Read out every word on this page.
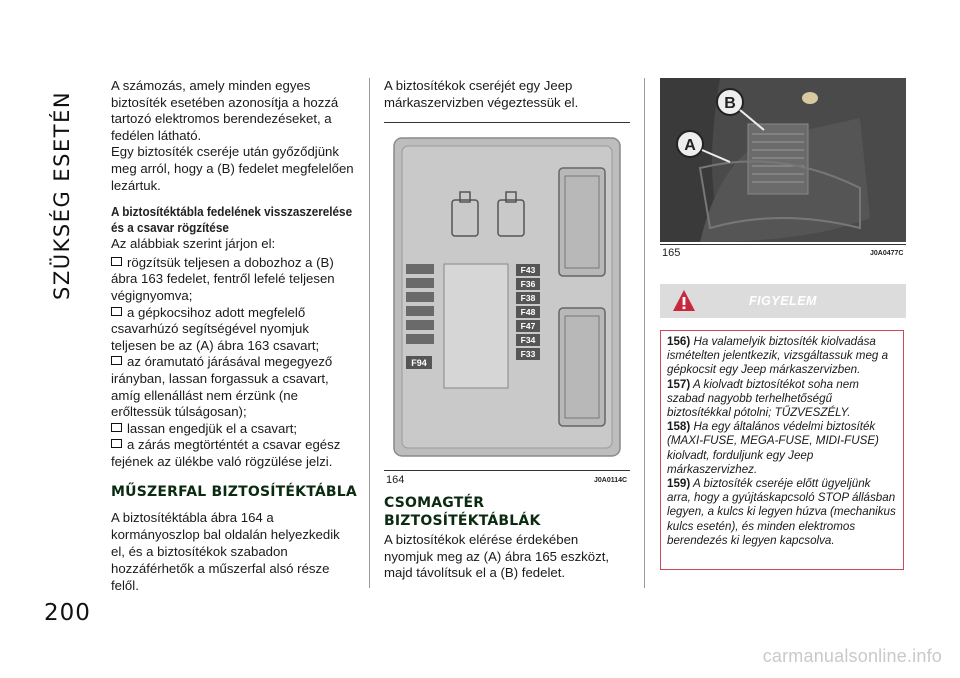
SZÜKSÉG ESETÉN
200

A számozás, amely minden egyes biztosíték esetében azonosítja a hozzá tartozó elektromos berendezéseket, a fedélen látható.

Egy biztosíték cseréje után győződjünk meg arról, hogy a (B) fedelet megfelelően lezártuk.

A biztosítéktábla fedelének visszaszerelése és a csavar rögzítése

Az alábbiak szerint járjon el:

rögzítsük teljesen a dobozhoz a (B) ábra 163 fedelet, fentről lefelé teljesen végignyomva;

a gépkocsihoz adott megfelelő csavarhúzó segítségével nyomjuk teljesen be az (A) ábra 163 csavart;

az óramutató járásával megegyező irányban, lassan forgassuk a csavart, amíg ellenállást nem érzünk (ne erőltessük túlságosan);

lassan engedjük el a csavart;

a zárás megtörténtét a csavar egész fejének az ülékbe való rögzülése jelzi.

MŰSZERFAL BIZTOSÍTÉKTÁBLA

A biztosítéktábla ábra 164 a kormányoszlop bal oldalán helyezkedik el, és a biztosítékok szabadon hozzáférhetők a műszerfal alsó része felől.

A biztosítékok cseréjét egy Jeep márkaszervizben végeztessük el.

F94
F43
F36
F38
F48
F47
F34
F33
164	J0A0114C

CSOMAGTÉR BIZTOSÍTÉKTÁBLÁK

A biztosítékok elérése érdekében nyomjuk meg az (A) ábra 165 eszközt, majd távolítsuk el a (B) fedelet.

B
A
165	J0A0477C
FIGYELEM

156) Ha valamelyik biztosíték kiolvadása ismételten jelentkezik, vizsgáltassuk meg a gépkocsit egy Jeep márkaszervizben.

157) A kiolvadt biztosítékot soha nem szabad nagyobb terhelhetőségű biztosítékkal pótolni; TŰZVESZÉLY.

158) Ha egy általános védelmi biztosíték (MAXI-FUSE, MEGA-FUSE, MIDI-FUSE) kiolvadt, forduljunk egy Jeep márkaszervizhez.

159) A biztosíték cseréje előtt ügyeljünk arra, hogy a gyújtáskapcsoló STOP állásban legyen, a kulcs ki legyen húzva (mechanikus kulcs esetén), és minden elektromos berendezés ki legyen kapcsolva.

carmanualsonline.info
